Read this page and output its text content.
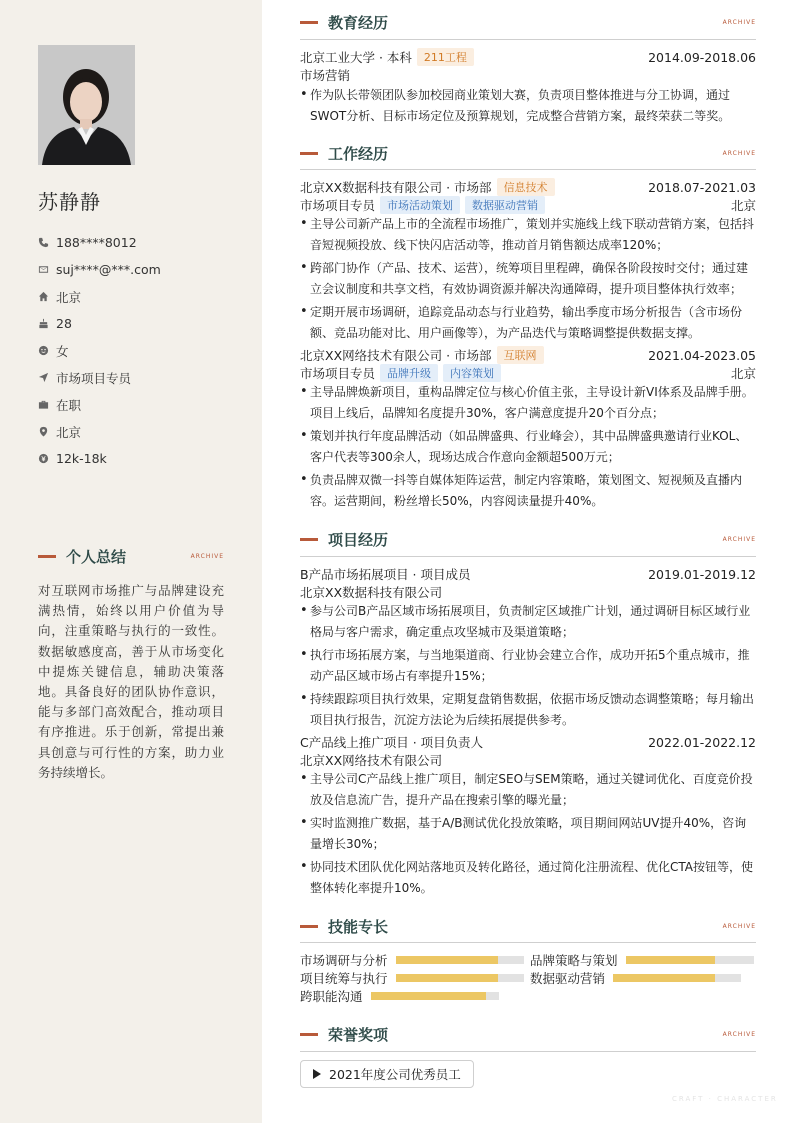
苏静静
188****8012
suj****@***.com
北京
28
女
市场项目专员
在职
北京
12k-18k
个人总结	ARCHIVE

对互联网市场推广与品牌建设充满热情，始终以用户价值为导向，注重策略与执行的一致性。数据敏感度高，善于从市场变化中提炼关键信息，辅助决策落地。具备良好的团队协作意识，能与多部门高效配合，推动项目有序推进。乐于创新，常提出兼具创意与可行性的方案，助力业务持续增长。

教育经历	ARCHIVE
北京工业大学 · 本科	211工程	2014.09-2018.06
市场营销
• 作为队长带领团队参加校园商业策划大赛，负责项目整体推进与分工协调，通过SWOT分析、目标市场定位及预算规划，完成整合营销方案，最终荣获二等奖。
工作经历	ARCHIVE
北京XX数据科技有限公司 · 市场部	信息技术	2018.07-2021.03
市场项目专员	市场活动策划	数据驱动营销	北京
• 主导公司新产品上市的全流程市场推广，策划并实施线上线下联动营销方案，包括抖音短视频投放、线下快闪店活动等，推动首月销售额达成率120%；
• 跨部门协作（产品、技术、运营），统筹项目里程碑，确保各阶段按时交付；通过建立会议制度和共享文档，有效协调资源并解决沟通障碍，提升项目整体执行效率；
• 定期开展市场调研，追踪竞品动态与行业趋势，输出季度市场分析报告（含市场份额、竞品功能对比、用户画像等），为产品迭代与策略调整提供数据支撑。
北京XX网络技术有限公司 · 市场部	互联网	2021.04-2023.05
市场项目专员	品牌升级	内容策划	北京
• 主导品牌焕新项目，重构品牌定位与核心价值主张，主导设计新VI体系及品牌手册。项目上线后，品牌知名度提升30%，客户满意度提升20个百分点；
• 策划并执行年度品牌活动（如品牌盛典、行业峰会），其中品牌盛典邀请行业KOL、客户代表等300余人，现场达成合作意向金额超500万元；
• 负责品牌双微一抖等自媒体矩阵运营，制定内容策略，策划图文、短视频及直播内容。运营期间，粉丝增长50%，内容阅读量提升40%。
项目经历	ARCHIVE
B产品市场拓展项目 · 项目成员	2019.01-2019.12
北京XX数据科技有限公司
• 参与公司B产品区域市场拓展项目，负责制定区域推广计划，通过调研目标区域行业格局与客户需求，确定重点攻坚城市及渠道策略；
• 执行市场拓展方案，与当地渠道商、行业协会建立合作，成功开拓5个重点城市，推动产品区域市场占有率提升15%；
• 持续跟踪项目执行效果，定期复盘销售数据，依据市场反馈动态调整策略；每月输出项目执行报告，沉淀方法论为后续拓展提供参考。
C产品线上推广项目 · 项目负责人	2022.01-2022.12
北京XX网络技术有限公司
• 主导公司C产品线上推广项目，制定SEO与SEM策略，通过关键词优化、百度竞价投放及信息流广告，提升产品在搜索引擎的曝光量；
• 实时监测推广数据，基于A/B测试优化投放策略，项目期间网站UV提升40%，咨询量增长30%；
• 协同技术团队优化网站落地页及转化路径，通过简化注册流程、优化CTA按钮等，使整体转化率提升10%。
技能专长	ARCHIVE
市场调研与分析	品牌策略与策划
项目统筹与执行	数据驱动营销
跨职能沟通
荣誉奖项	ARCHIVE
2021年度公司优秀员工
CRAFT · CHARACTER
